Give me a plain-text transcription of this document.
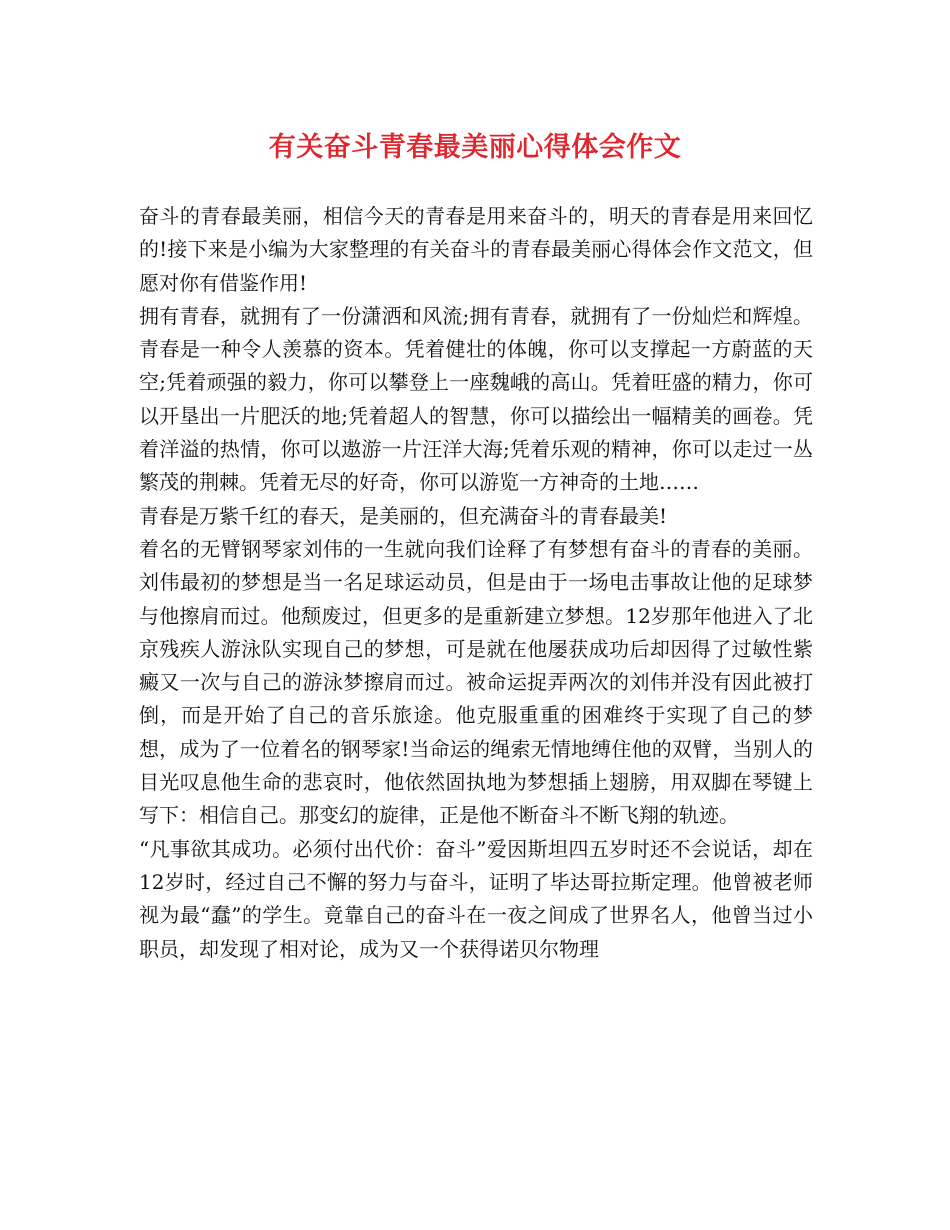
有关奋斗青春最美丽心得体会作文

奋斗的青春最美丽，相信今天的青春是用来奋斗的，明天的青春是用来回忆的!接下来是小编为大家整理的有关奋斗的青春最美丽心得体会作文范文，但愿对你有借鉴作用!

拥有青春，就拥有了一份潇洒和风流;拥有青春，就拥有了一份灿烂和辉煌。青春是一种令人羡慕的资本。凭着健壮的体魄，你可以支撑起一方蔚蓝的天空;凭着顽强的毅力，你可以攀登上一座魏峨的高山。凭着旺盛的精力，你可以开垦出一片肥沃的地;凭着超人的智慧，你可以描绘出一幅精美的画卷。凭着洋溢的热情，你可以遨游一片汪洋大海;凭着乐观的精神，你可以走过一丛繁茂的荆棘。凭着无尽的好奇，你可以游览一方神奇的土地……

青春是万紫千红的春天，是美丽的，但充满奋斗的青春最美!

着名的无臂钢琴家刘伟的一生就向我们诠释了有梦想有奋斗的青春的美丽。刘伟最初的梦想是当一名足球运动员，但是由于一场电击事故让他的足球梦与他擦肩而过。他颓废过，但更多的是重新建立梦想。12岁那年他进入了北京残疾人游泳队实现自己的梦想，可是就在他屡获成功后却因得了过敏性紫癜又一次与自己的游泳梦擦肩而过。被命运捉弄两次的刘伟并没有因此被打倒，而是开始了自己的音乐旅途。他克服重重的困难终于实现了自己的梦想，成为了一位着名的钢琴家!当命运的绳索无情地缚住他的双臂，当别人的目光叹息他生命的悲哀时，他依然固执地为梦想插上翅膀，用双脚在琴键上写下：相信自己。那变幻的旋律，正是他不断奋斗不断飞翔的轨迹。

“凡事欲其成功。必须付出代价：奋斗”爱因斯坦四五岁时还不会说话，却在12岁时，经过自己不懈的努力与奋斗，证明了毕达哥拉斯定理。他曾被老师视为最“蠢”的学生。竟靠自己的奋斗在一夜之间成了世界名人，他曾当过小职员，却发现了相对论，成为又一个获得诺贝尔物理
